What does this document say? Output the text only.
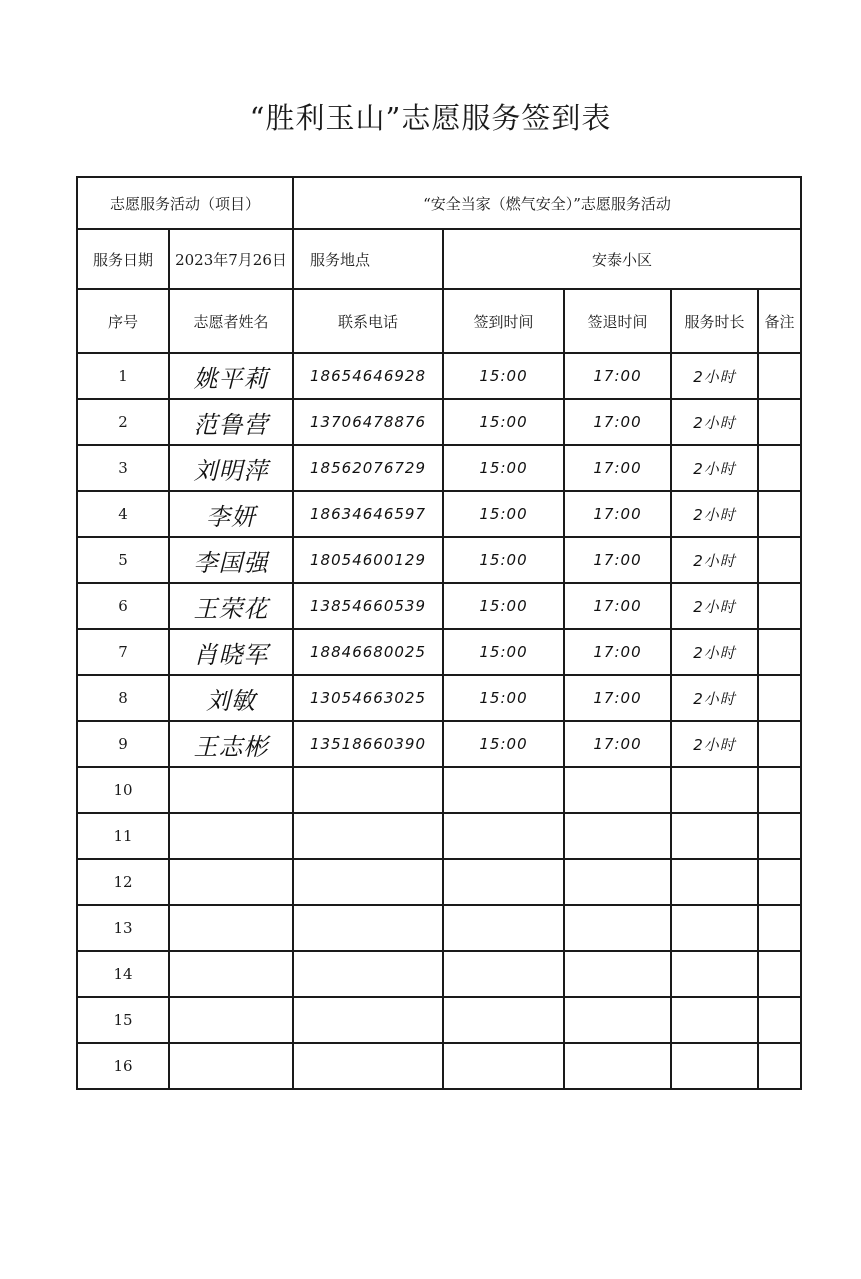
“胜利玉山”志愿服务签到表
志愿服务活动（项目）		“安全当家（燃气安全）”志愿服务活动				
服务日期	2023年7月26日	服务地点	安泰小区			
序号	志愿者姓名	联系电话	签到时间	签退时间	服务时长	备注
1	姚平莉	18654646928	15:00	17:00	2小时	
2	范鲁营	13706478876	15:00	17:00	2小时	
3	刘明萍	18562076729	15:00	17:00	2小时	
4	李妍	18634646597	15:00	17:00	2小时	
5	李国强	18054600129	15:00	17:00	2小时	
6	王荣花	13854660539	15:00	17:00	2小时	
7	肖晓军	18846680025	15:00	17:00	2小时	
8	刘敏	13054663025	15:00	17:00	2小时	
9	王志彬	13518660390	15:00	17:00	2小时	
10						
11						
12						
13						
14						
15						
16						
